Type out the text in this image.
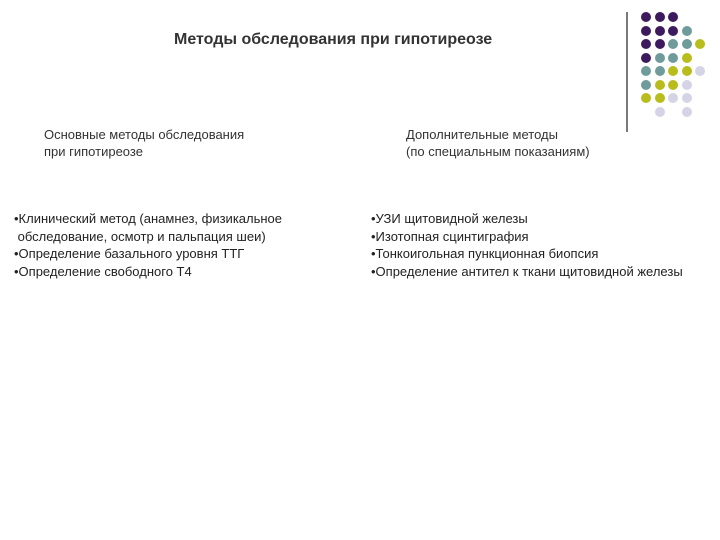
Методы обследования при гипотиреозе
Основные методы обследования
при гипотиреозе
Дополнительные методы
(по специальным показаниям)
•Клинический метод (анамнез, физикальное
обследование, осмотр и пальпация шеи)
•Определение базального уровня ТТГ
•Определение свободного Т4
•УЗИ щитовидной железы
•Изотопная сцинтиграфия
•Тонкоигольная пункционная биопсия
•Определение антител к ткани щитовидной железы
